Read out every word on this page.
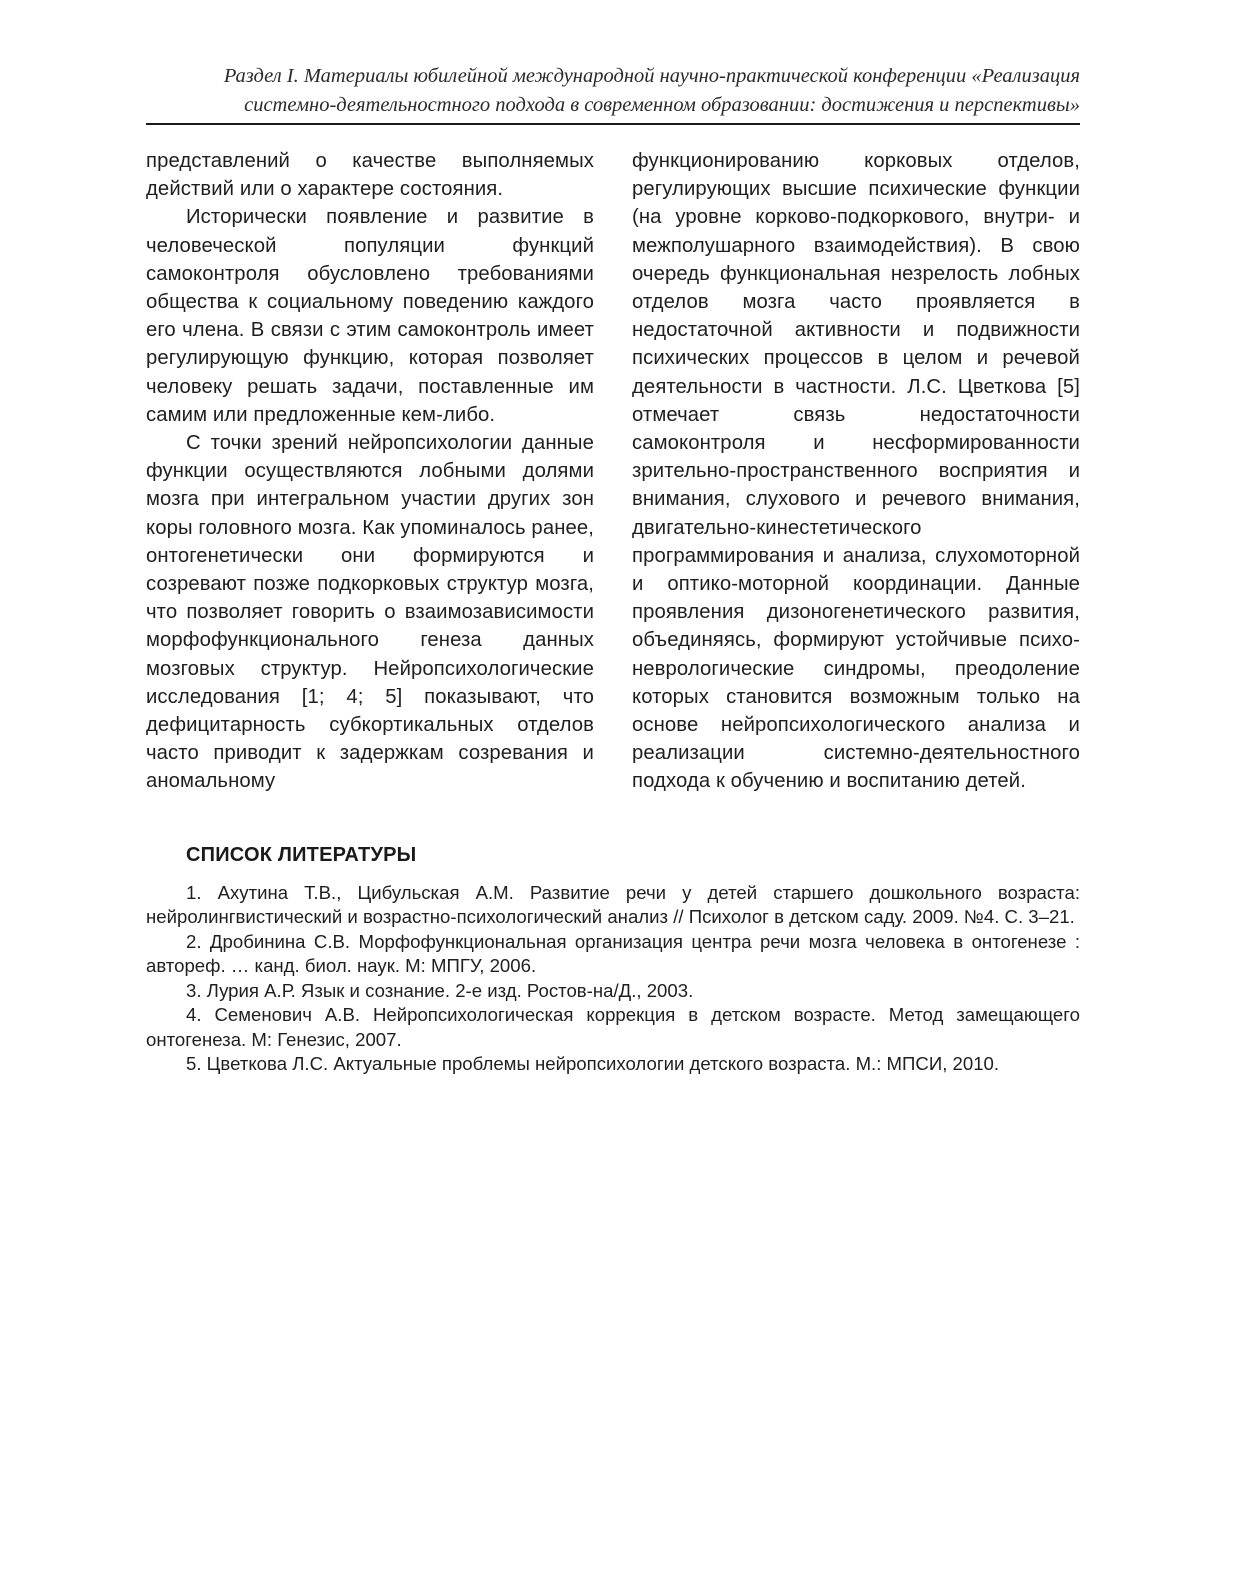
Раздел I. Материалы юбилейной международной научно-практической конференции «Реализация
системно-деятельностного подхода в современном образовании: достижения и перспективы»

представлений о качестве выполняемых действий или о характере состояния.

Исторически появление и развитие в человеческой популяции функций самоконтроля обусловлено требованиями общества к социальному поведению каждого его члена. В связи с этим самоконтроль имеет регулирующую функцию, которая позволяет человеку решать задачи, поставленные им самим или предложенные кем-либо.

С точки зрений нейропсихологии данные функции осуществляются лобными долями мозга при интегральном участии других зон коры головного мозга. Как упоминалось ранее, онтогенетически они формируются и созревают позже подкорковых структур мозга, что позволяет говорить о взаимозависимости морфофункционального генеза данных мозговых структур. Нейропсихологические исследования [1; 4; 5] показывают, что дефицитарность субкортикальных отделов часто приводит к задержкам созревания и аномальному

функционированию корковых отделов, регулирующих высшие психические функции (на уровне корково-подкоркового, внутри- и межполушарного взаимодействия). В свою очередь функциональная незрелость лобных отделов мозга часто проявляется в недостаточной активности и подвижности психических процессов в целом и речевой деятельности в частности. Л.С. Цветкова [5] отмечает связь недостаточности самоконтроля и несформированности зрительно-пространственного восприятия и внимания, слухового и речевого внимания, двигательно-кинестетического программирования и анализа, слухомоторной и оптико-моторной координации. Данные проявления дизоногенетического развития, объединяясь, формируют устойчивые психо-неврологические синдромы, преодоление которых становится возможным только на основе нейропсихологического анализа и реализации системно-деятельностного подхода к обучению и воспитанию детей.

СПИСОК ЛИТЕРАТУРЫ
1. Ахутина Т.В., Цибульская А.М. Развитие речи у детей старшего дошкольного возраста: нейролингвистический и возрастно-психологический анализ // Психолог в детском саду. 2009. №4. С. 3–21.
2. Дробинина С.В. Морфофункциональная организация центра речи мозга человека в онтогенезе : автореф. … канд. биол. наук. М: МПГУ, 2006.
3. Лурия А.Р. Язык и сознание. 2-е изд. Ростов-на/Д., 2003.
4. Семенович А.В. Нейропсихологическая коррекция в детском возрасте. Метод замещающего онтогенеза. М: Генезис, 2007.
5. Цветкова Л.С. Актуальные проблемы нейропсихологии детского возраста. М.: МПСИ, 2010.
